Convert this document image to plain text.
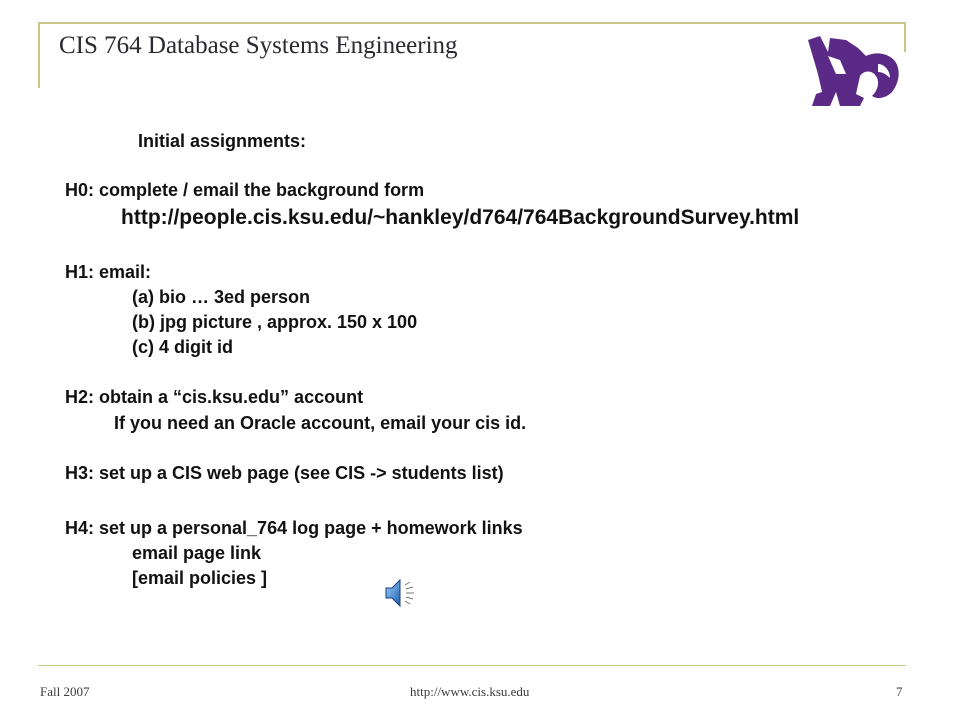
CIS 764 Database Systems Engineering
Initial assignments:
H0: complete / email the background form
http://people.cis.ksu.edu/~hankley/d764/764BackgroundSurvey.html
H1: email:
(a) bio … 3ed person
(b) jpg picture , approx. 150 x 100
(c) 4 digit id
H2: obtain a “cis.ksu.edu” account
If you need an Oracle account, email your cis id.
H3: set up a CIS web page (see CIS -> students list)
H4: set up a personal_764 log page + homework links
email page link
[email policies ]
Fall 2007	http://www.cis.ksu.edu	7
